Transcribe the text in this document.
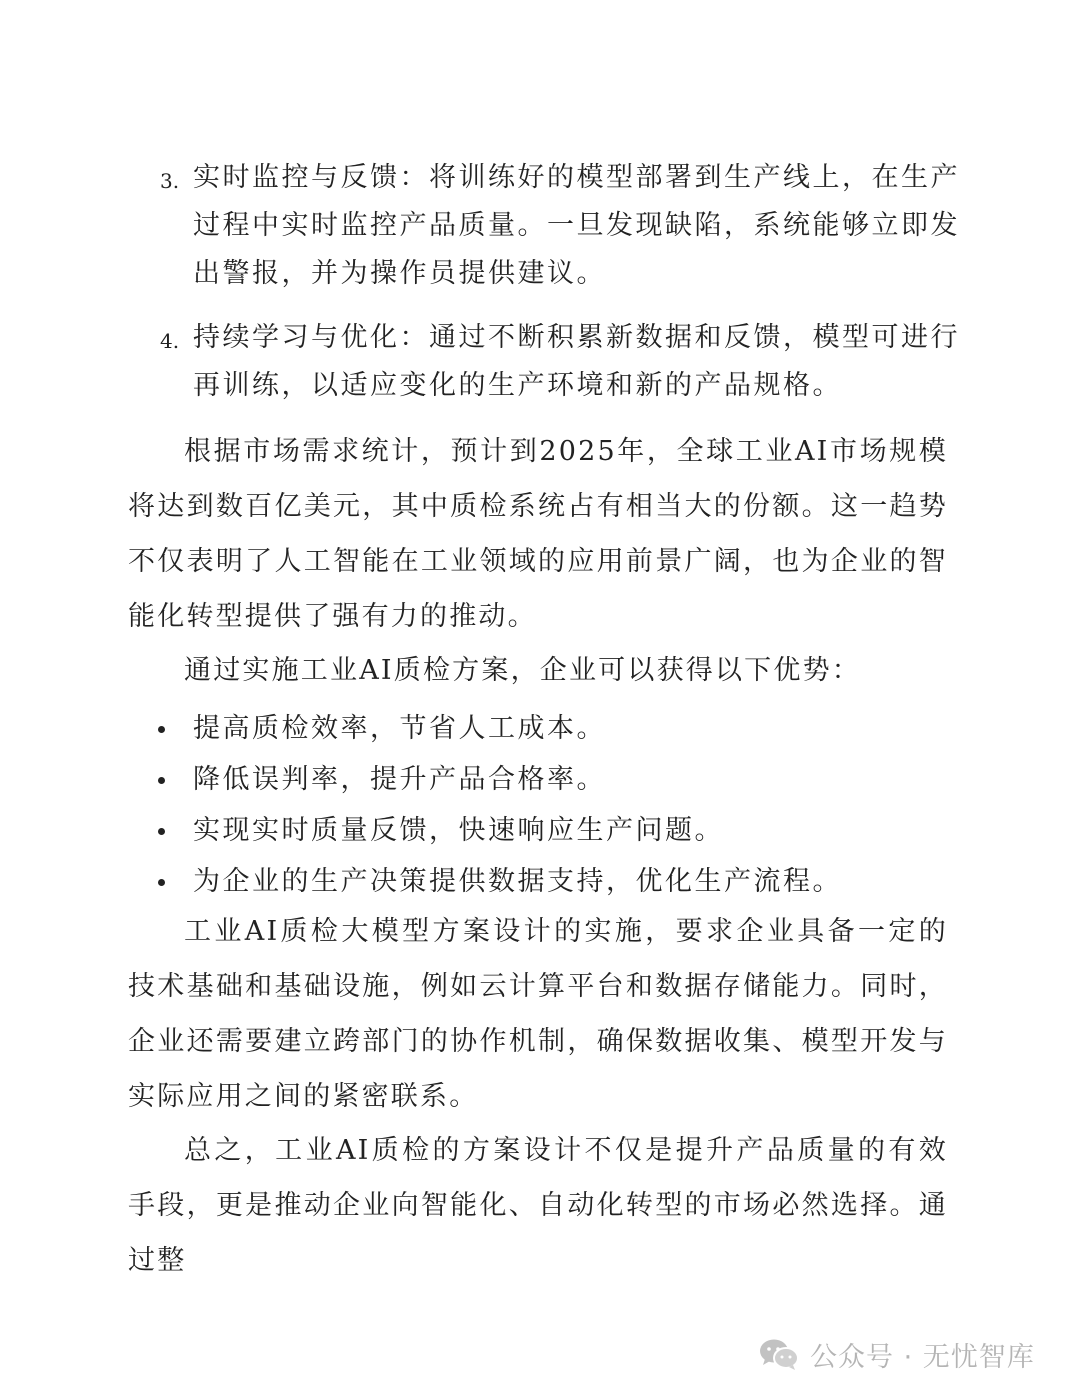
3. 实时监控与反馈：将训练好的模型部署到生产线上，在生产过程中实时监控产品质量。一旦发现缺陷，系统能够立即发出警报，并为操作员提供建议。
4. 持续学习与优化：通过不断积累新数据和反馈，模型可进行再训练，以适应变化的生产环境和新的产品规格。

根据市场需求统计，预计到2025年，全球工业AI市场规模将达到数百亿美元，其中质检系统占有相当大的份额。这一趋势不仅表明了人工智能在工业领域的应用前景广阔，也为企业的智能化转型提供了强有力的推动。

通过实施工业AI质检方案，企业可以获得以下优势：

提高质检效率，节省人工成本。
降低误判率，提升产品合格率。
实现实时质量反馈，快速响应生产问题。
为企业的生产决策提供数据支持，优化生产流程。

工业AI质检大模型方案设计的实施，要求企业具备一定的技术基础和基础设施，例如云计算平台和数据存储能力。同时，企业还需要建立跨部门的协作机制，确保数据收集、模型开发与实际应用之间的紧密联系。

总之，工业AI质检的方案设计不仅是提升产品质量的有效手段，更是推动企业向智能化、自动化转型的市场必然选择。通过整

公众号 · 无忧智库
